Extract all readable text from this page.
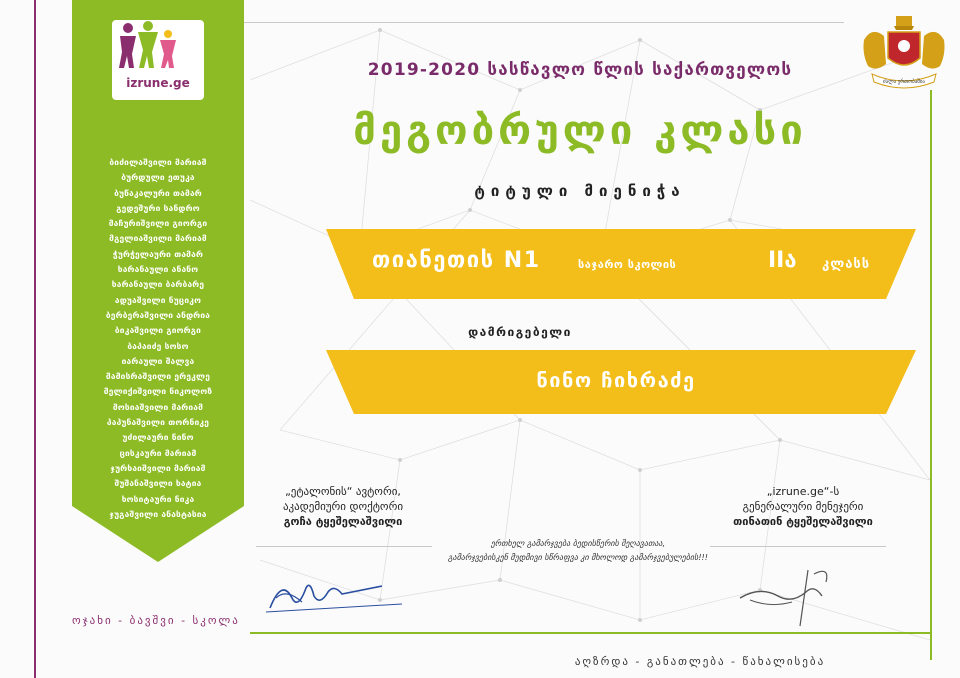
izrune.ge
ბიძილაშვილი მარიამ
ბურდული ეთუკა
ბუწაკალური თამარ
გედეშური სანდრო
მაჩურიშვილი გიორგი
მგელიაშვილი მარიამ
ჭურჭელაური თამარ
ხარანაული ანანო
ხარანაული ბარბარე
ადუაშვილი ნუციკო
ბერბერაშვილი ანდრია
ბიკაშვილი გიორგი
ბაპაიძე სოსო
იარაული შალვა
მამისრაშვილი ერეკლე
მელიქიშვილი ნიკოლოზ
მოსიაშვილი მარიამ
პაპუნაშვილი თორნიკე
უძილაური ნინო
ცისკაური მარიამ
ჯურხაიშვილი მარიამ
შუშანაშვილი ხატია
ხოსიტაური ნიკა
ჯუგაშვილი ანასტასია
ოჯახი - ბავშვი - სკოლა
2019-2020 სასწავლო წლის საქართველოს
მეგობრული კლასი
ტიტული მიენიჭა
ძალა ერთობაშია
თიანეთის N1	საჯარო სკოლის	IIა კლასს
დამრიგებელი
ნინო ჩიხრაძე
„ეტალონის“ ავტორი,
აკადემიური დოქტორი
გოჩა ტყეშელაშვილი
„izrune.ge“-ს
გენერალური მენეჯერი
თინათინ ტყეშელაშვილი
ერთხელ გამარჯვება ბედისწერის შეღავათაა,
გამარჯვებისკენ მუდმივი სწრაფვა კი მხოლოდ გამარჯვებულების!!!
აღზრდა - განათლება - წახალისება
